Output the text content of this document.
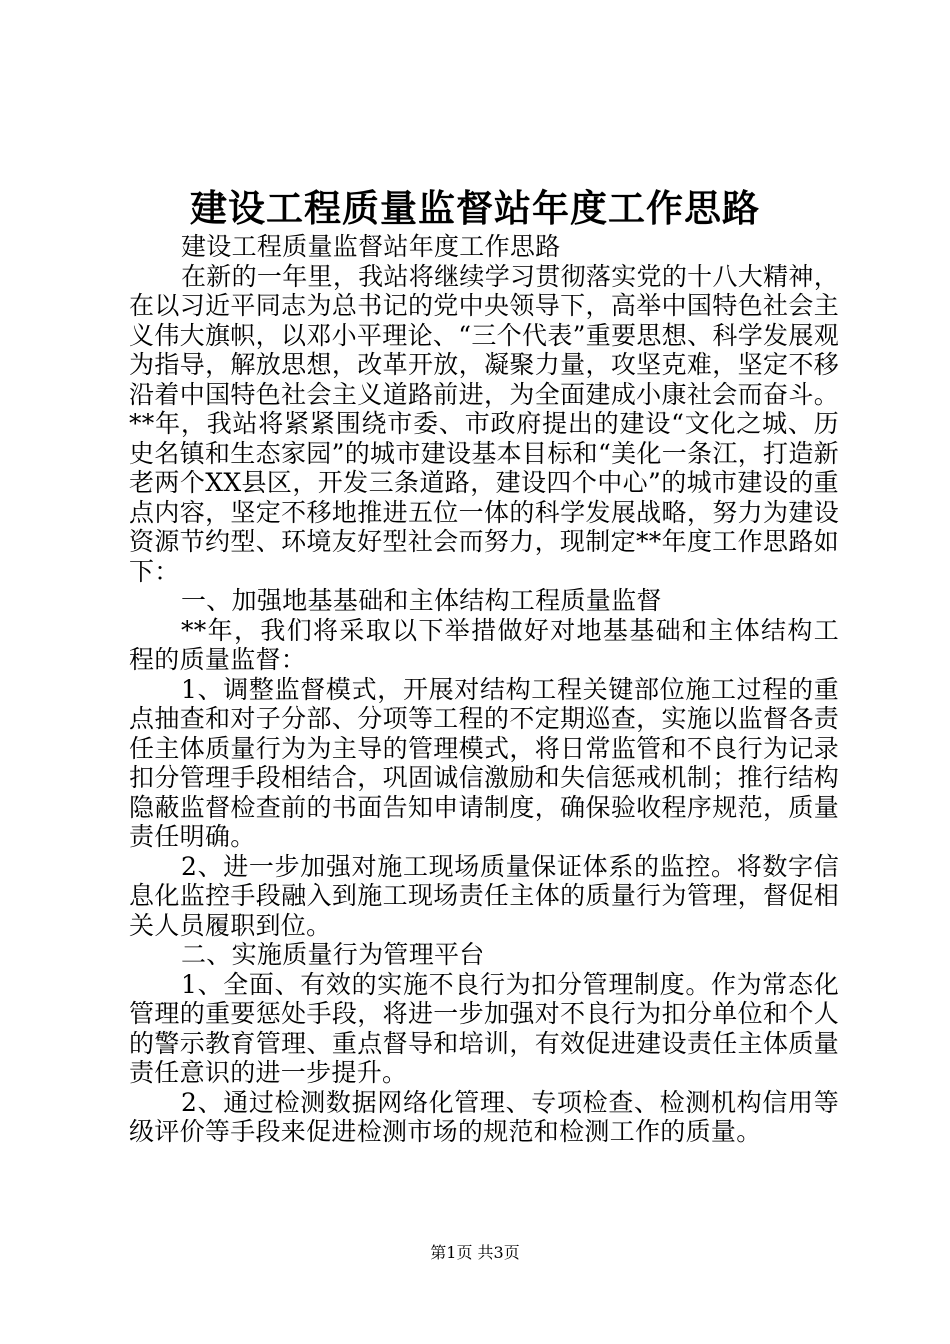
建设工程质量监督站年度工作思路

建设工程质量监督站年度工作思路

在新的一年里，我站将继续学习贯彻落实党的十八大精神，在以习近平同志为总书记的党中央领导下，高举中国特色社会主义伟大旗帜，以邓小平理论、“三个代表”重要思想、科学发展观为指导，解放思想，改革开放，凝聚力量，攻坚克难，坚定不移沿着中国特色社会主义道路前进，为全面建成小康社会而奋斗。**年，我站将紧紧围绕市委、市政府提出的建设“文化之城、历史名镇和生态家园”的城市建设基本目标和“美化一条江，打造新老两个XX县区，开发三条道路，建设四个中心”的城市建设的重点内容，坚定不移地推进五位一体的科学发展战略，努力为建设资源节约型、环境友好型社会而努力，现制定**年度工作思路如下：

一、加强地基基础和主体结构工程质量监督

**年，我们将采取以下举措做好对地基基础和主体结构工程的质量监督：

1、调整监督模式，开展对结构工程关键部位施工过程的重点抽查和对子分部、分项等工程的不定期巡查，实施以监督各责任主体质量行为为主导的管理模式，将日常监管和不良行为记录扣分管理手段相结合，巩固诚信激励和失信惩戒机制；推行结构隐蔽监督检查前的书面告知申请制度，确保验收程序规范，质量责任明确。

2、进一步加强对施工现场质量保证体系的监控。将数字信息化监控手段融入到施工现场责任主体的质量行为管理，督促相关人员履职到位。

二、实施质量行为管理平台

1、全面、有效的实施不良行为扣分管理制度。作为常态化管理的重要惩处手段，将进一步加强对不良行为扣分单位和个人的警示教育管理、重点督导和培训，有效促进建设责任主体质量责任意识的进一步提升。

2、通过检测数据网络化管理、专项检查、检测机构信用等级评价等手段来促进检测市场的规范和检测工作的质量。

第1页 共3页
